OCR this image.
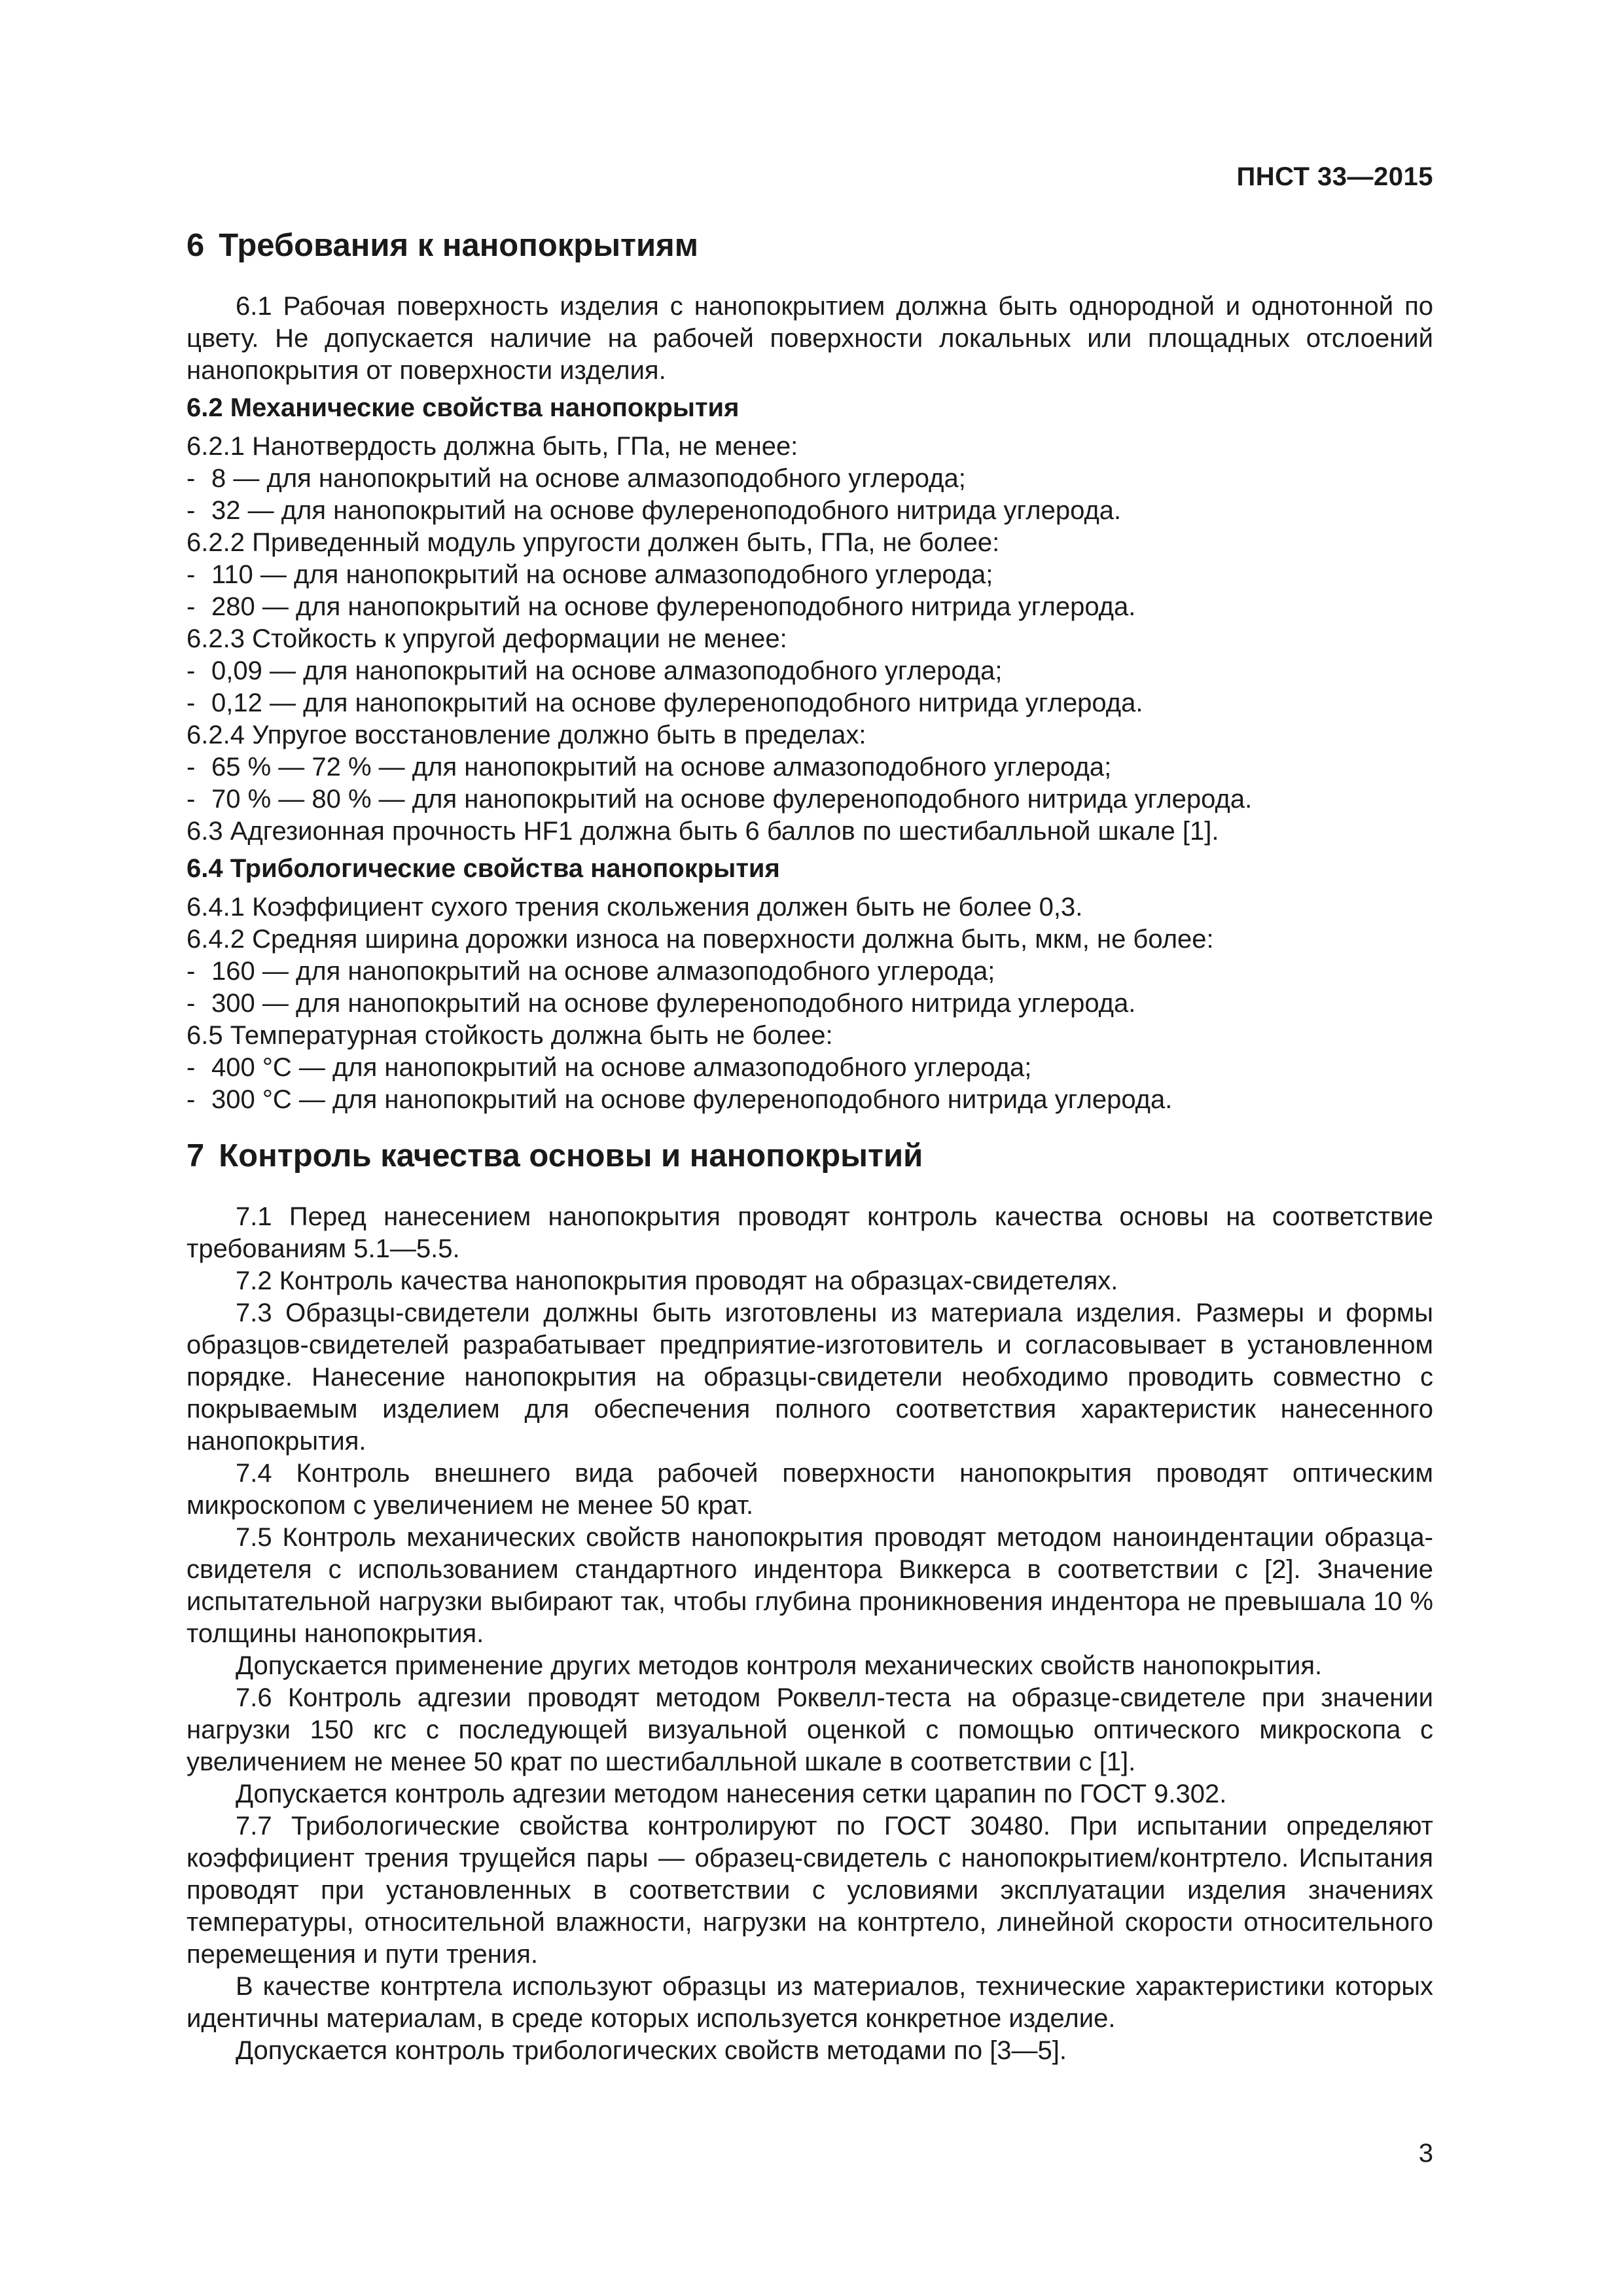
ПНСТ 33—2015
6 Требования к нанопокрытиям

6.1 Рабочая поверхность изделия с нанопокрытием должна быть однородной и однотонной по цвету. Не допускается наличие на рабочей поверхности локальных или площадных отслоений нанопокрытия от поверхности изделия.

6.2 Механические свойства нанопокрытия

6.2.1 Нанотвердость должна быть, ГПа, не менее:

- 8 — для нанопокрытий на основе алмазоподобного углерода;

- 32 — для нанопокрытий на основе фулереноподобного нитрида углерода.

6.2.2 Приведенный модуль упругости должен быть, ГПа, не более:

- 110 — для нанопокрытий на основе алмазоподобного углерода;

- 280 — для нанопокрытий на основе фулереноподобного нитрида углерода.

6.2.3 Стойкость к упругой деформации не менее:

- 0,09 — для нанопокрытий на основе алмазоподобного углерода;

- 0,12 — для нанопокрытий на основе фулереноподобного нитрида углерода.

6.2.4 Упругое восстановление должно быть в пределах:

- 65 % — 72 % — для нанопокрытий на основе алмазоподобного углерода;

- 70 % — 80 % — для нанопокрытий на основе фулереноподобного нитрида углерода.

6.3 Адгезионная прочность HF1 должна быть 6 баллов по шестибалльной шкале [1].

6.4 Трибологические свойства нанопокрытия

6.4.1 Коэффициент сухого трения скольжения должен быть не более 0,3.

6.4.2 Средняя ширина дорожки износа на поверхности должна быть, мкм, не более:

- 160 — для нанопокрытий на основе алмазоподобного углерода;

- 300 — для нанопокрытий на основе фулереноподобного нитрида углерода.

6.5 Температурная стойкость должна быть не более:

- 400 °С — для нанопокрытий на основе алмазоподобного углерода;

- 300 °С — для нанопокрытий на основе фулереноподобного нитрида углерода.

7 Контроль качества основы и нанопокрытий

7.1 Перед нанесением нанопокрытия проводят контроль качества основы на соответствие требованиям 5.1—5.5.

7.2 Контроль качества нанопокрытия проводят на образцах-свидетелях.

7.3 Образцы-свидетели должны быть изготовлены из материала изделия. Размеры и формы образцов-свидетелей разрабатывает предприятие-изготовитель и согласовывает в установленном порядке. Нанесение нанопокрытия на образцы-свидетели необходимо проводить совместно с покрываемым изделием для обеспечения полного соответствия характеристик нанесенного нанопокрытия.

7.4 Контроль внешнего вида рабочей поверхности нанопокрытия проводят оптическим микроскопом с увеличением не менее 50 крат.

7.5 Контроль механических свойств нанопокрытия проводят методом наноиндентации образца-свидетеля с использованием стандартного индентора Виккерса в соответствии с [2]. Значение испытательной нагрузки выбирают так, чтобы глубина проникновения индентора не превышала 10 % толщины нанопокрытия.

Допускается применение других методов контроля механических свойств нанопокрытия.

7.6 Контроль адгезии проводят методом Роквелл-теста на образце-свидетеле при значении нагрузки 150 кгс с последующей визуальной оценкой с помощью оптического микроскопа с увеличением не менее 50 крат по шестибалльной шкале в соответствии с [1].

Допускается контроль адгезии методом нанесения сетки царапин по ГОСТ 9.302.

7.7 Трибологические свойства контролируют по ГОСТ 30480. При испытании определяют коэффициент трения трущейся пары — образец-свидетель с нанопокрытием/контртело. Испытания проводят при установленных в соответствии с условиями эксплуатации изделия значениях температуры, относительной влажности, нагрузки на контртело, линейной скорости относительного перемещения и пути трения.

В качестве контртела используют образцы из материалов, технические характеристики которых идентичны материалам, в среде которых используется конкретное изделие.

Допускается контроль трибологических свойств методами по [3—5].

3
